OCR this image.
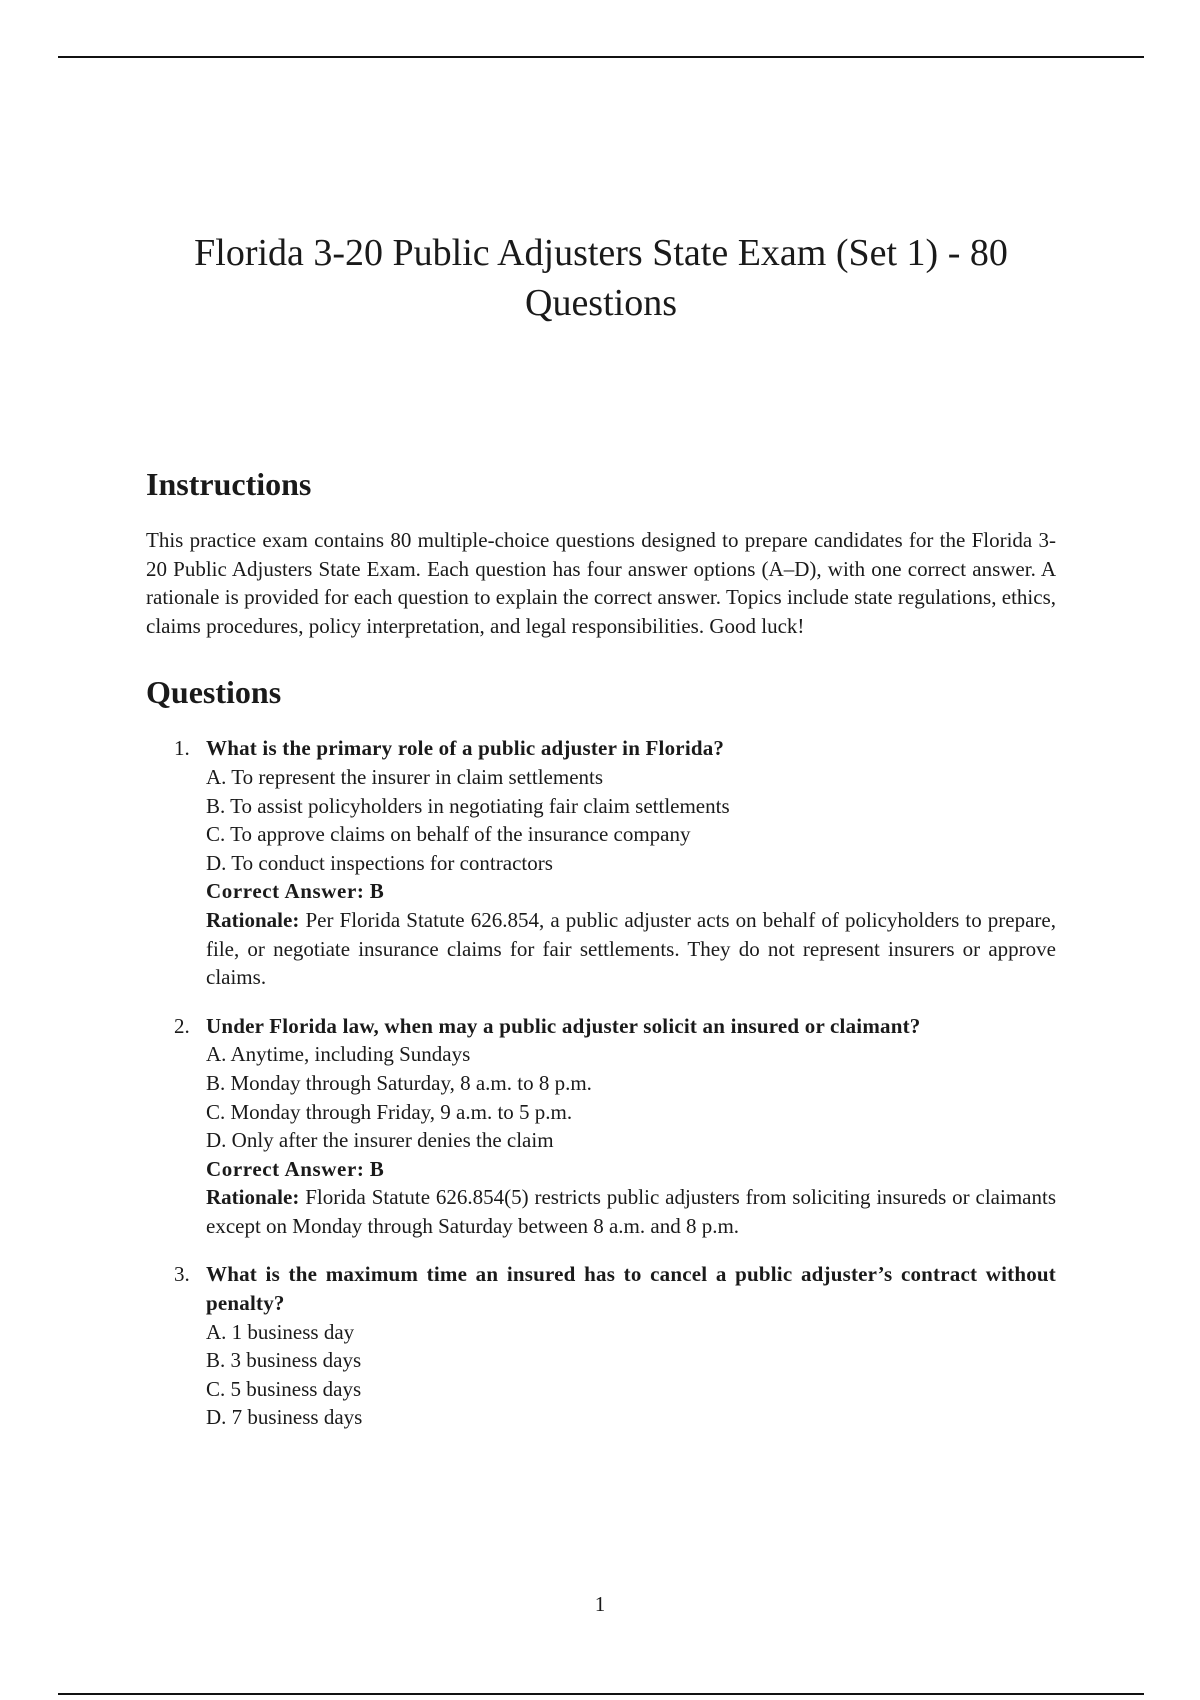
Florida 3-20 Public Adjusters State Exam (Set 1) - 80 Questions
Instructions

This practice exam contains 80 multiple-choice questions designed to prepare candidates for the Florida 3-20 Public Adjusters State Exam. Each question has four answer options (A–D), with one correct answer. A rationale is provided for each question to explain the correct answer. Topics include state regulations, ethics, claims procedures, policy interpretation, and legal responsibilities. Good luck!

Questions
1. What is the primary role of a public adjuster in Florida?
A. To represent the insurer in claim settlements
B. To assist policyholders in negotiating fair claim settlements
C. To approve claims on behalf of the insurance company
D. To conduct inspections for contractors
Correct Answer: B
Rationale: Per Florida Statute 626.854, a public adjuster acts on behalf of policyholders to prepare, file, or negotiate insurance claims for fair settlements. They do not represent insurers or approve claims.
2. Under Florida law, when may a public adjuster solicit an insured or claimant?
A. Anytime, including Sundays
B. Monday through Saturday, 8 a.m. to 8 p.m.
C. Monday through Friday, 9 a.m. to 5 p.m.
D. Only after the insurer denies the claim
Correct Answer: B
Rationale: Florida Statute 626.854(5) restricts public adjusters from soliciting insureds or claimants except on Monday through Saturday between 8 a.m. and 8 p.m.
3. What is the maximum time an insured has to cancel a public adjuster’s contract without penalty?
A. 1 business day
B. 3 business days
C. 5 business days
D. 7 business days
1
